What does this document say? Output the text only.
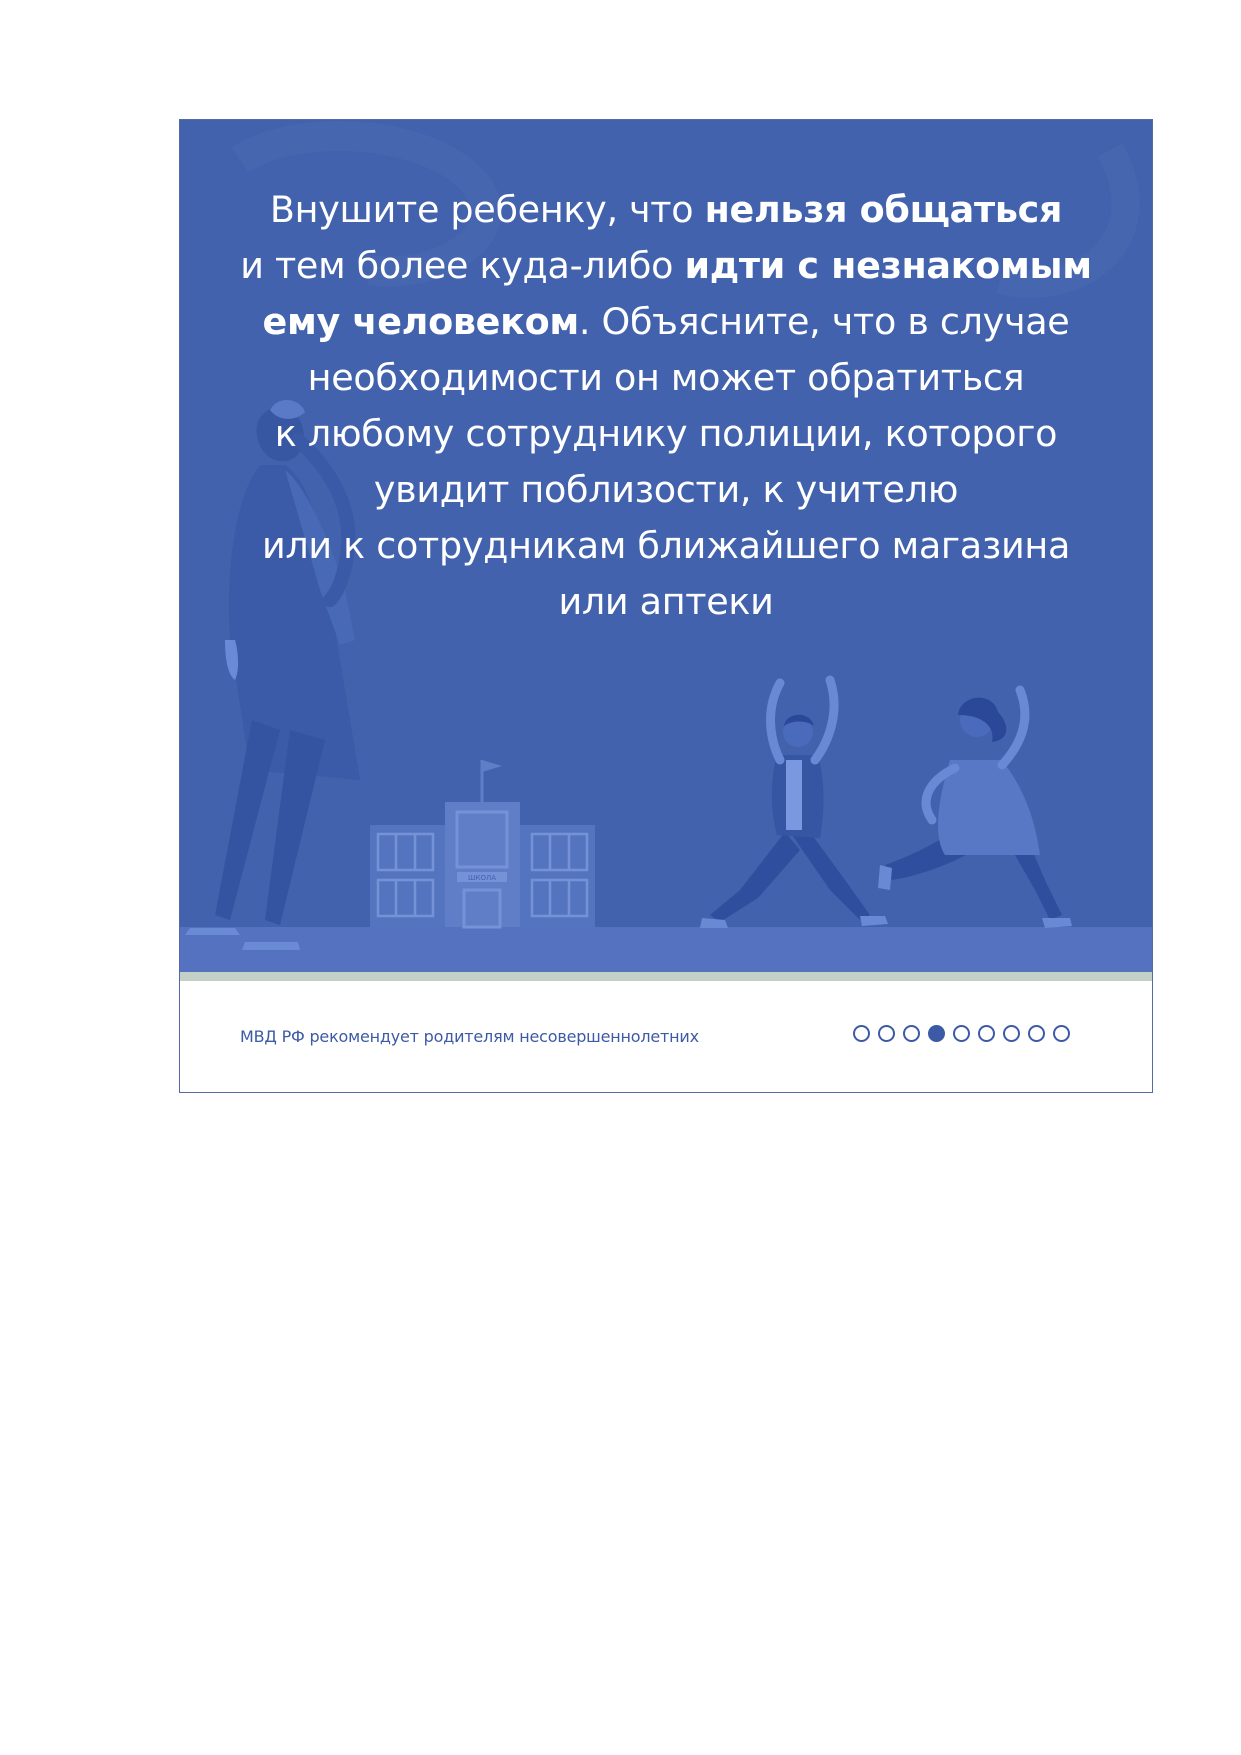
ШКОЛА
Внушите ребенку, что нельзя общаться
и тем более куда-либо идти с незнакомым
ему человеком. Объясните, что в случае
необходимости он может обратиться
к любому сотруднику полиции, которого
увидит поблизости, к учителю
или к сотрудникам ближайшего магазина
или аптеки
МВД РФ рекомендует родителям несовершеннолетних
